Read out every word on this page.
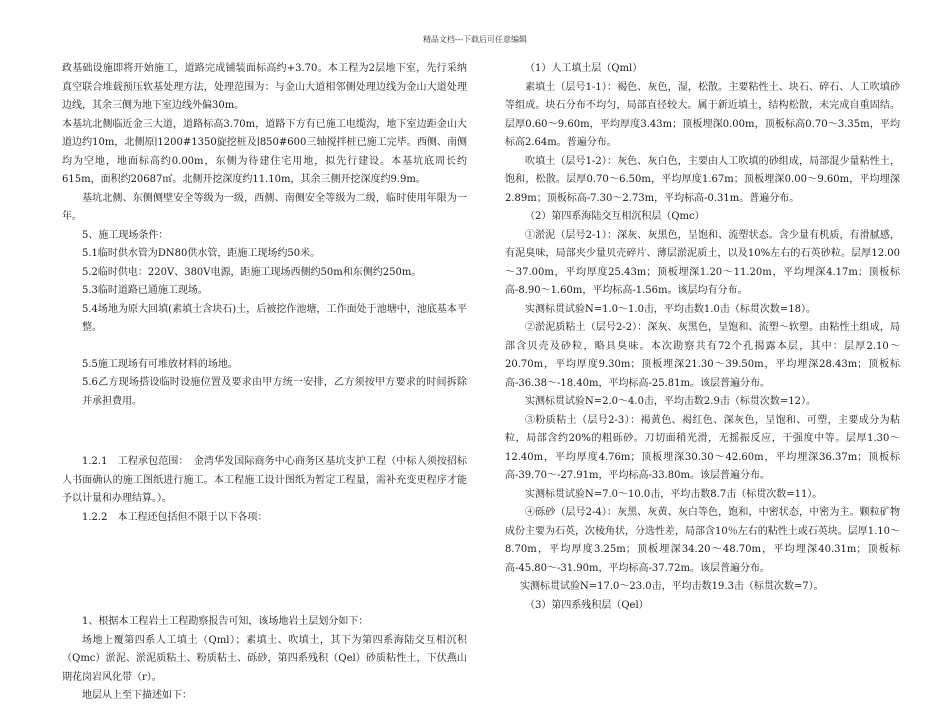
精品文档---下载后可任意编辑

政基础设施即将开始施工，道路完成铺装面标高约+3.70。本工程为2层地下室，先行采纳真空联合堆载预压软基处理方法，处理范围为：与金山大道相邻侧处理边线为金山大道处理边线，其余三侧为地下室边线外偏30m。

本基坑北侧临近金三大道，道路标高3.70m，道路下方有已施工电缆沟，地下室边距金山大道边约10m，北侧原∣1200#1350旋挖桩及∣850#600三轴搅拌桩已施工完毕。西侧、南侧均为空地，地面标高约0.00m，东侧为待建住宅用地，拟先行建设。本基坑底周长约615m，面积约20687㎡。北侧开挖深度约11.10m，其余三侧开挖深度约9.9m。

基坑北侧、东侧侧壁安全等级为一级，西侧、南侧安全等级为二级，临时使用年限为一年。

5、施工现场条件：

5.1临时供水管为DN80供水管，距施工现场约50米。

5.2临时供电：220V、380V电源，距施工现场西侧约50m和东侧约250m。

5.3临时道路已通施工现场。

5.4场地为原大回填(素填土含块石)土，后被挖作池塘，工作面处于池塘中，池底基本平整。

5.5施工现场有可堆放材料的场地。

5.6乙方现场搭设临时设施位置及要求由甲方统一安排，乙方须按甲方要求的时间拆除并承担费用。

1.2.1　工程承包范围：　金湾华发国际商务中心商务区基坑支护工程（中标人须按招标人书面确认的施工图纸进行施工。本工程施工设计图纸为暂定工程量，需补充变更程序才能予以计量和办理结算。）。

1.2.2　本工程还包括但不限于以下各项：

1、根据本工程岩土工程勘察报告可知，该场地岩土层划分如下：

场地上覆第四系人工填土（Qml）；素填土、吹填土，其下为第四系海陆交互相沉积（Qmc）淤泥、淤泥质粘土、粉质粘土、砾砂，第四系残积（Qel）砂质粘性土，下伏燕山期花岗岩风化带（r）。

地层从上至下描述如下：

（1）人工填土层（Qml）

素填土（层号1-1）：褐色、灰色，湿，松散。主要粘性土、块石、碎石、人工吹填砂等组成。块石分布不均匀，局部直径较大。属于新近填土，结构松散，未完成自重固结。层厚0.60～9.60m，平均厚度3.43m；顶板埋深0.00m，顶板标高0.70～3.35m，平均标高2.64m。普遍分布。

吹填土（层号1-2）：灰色、灰白色，主要由人工吹填的砂组成，局部混少量粘性土，饱和，松散。层厚0.70～6.50m，平均厚度1.67m；顶板埋深0.00～9.60m，平均埋深2.89m；顶板标高-7.30～2.73m，平均标高-0.31m。普遍分布。

（2）第四系海陆交互相沉积层（Qmc）

①淤泥（层号2-1）：深灰、灰黑色，呈饱和、流塑状态。含少量有机质，有滑腻感，有泥臭味，局部夹少量贝壳碎片、薄层淤泥质土，以及10%左右的石英砂粒。层厚12.00～37.00m，平均厚度25.43m；顶板埋深1.20～11.20m，平均埋深4.17m；顶板标高-8.90～1.60m，平均标高-1.56m。该层均有分布。

实测标贯试验N=1.0～1.0击，平均击数1.0击（标贯次数=18）。

②淤泥质粘土（层号2-2）：深灰、灰黑色，呈饱和、流塑～软塑。由粘性土组成，局部含贝壳及砂粒，略具臭味。本次勘察共有72个孔揭露本层，其中：层厚2.10～20.70m，平均厚度9.30m；顶板埋深21.30～39.50m，平均埋深28.43m；顶板标高-36.38～-18.40m，平均标高-25.81m。该层普遍分布。

实测标贯试验N=2.0～4.0击，平均击数2.9击（标贯次数=12）。

③粉质粘土（层号2-3）：褐黄色、褐红色、深灰色，呈饱和、可塑，主要成分为粘粒，局部含约20%的粗砾砂。刀切面稍光滑，无摇振反应，干强度中等。层厚1.30～12.40m，平均厚度4.76m；顶板埋深30.30～42.60m，平均埋深36.37m；顶板标高-39.70～-27.91m，平均标高-33.80m。该层普遍分布。

实测标贯试验N=7.0～10.0击，平均击数8.7击（标贯次数=11）。

④砾砂（层号2-4）：灰黑、灰黄、灰白等色，饱和，中密状态，中密为主。颗粒矿物成份主要为石英，次棱角状，分选性差，局部含10％左右的粘性土或石英块。层厚1.10～8.70m，平均厚度3.25m；顶板埋深34.20～48.70m，平均埋深40.31m；顶板标高-45.80～-31.90m，平均标高-37.72m。该层普遍分布。

实测标贯试验N=17.0～23.0击，平均击数19.3击（标贯次数=7）。

（3）第四系残积层（Qel）
